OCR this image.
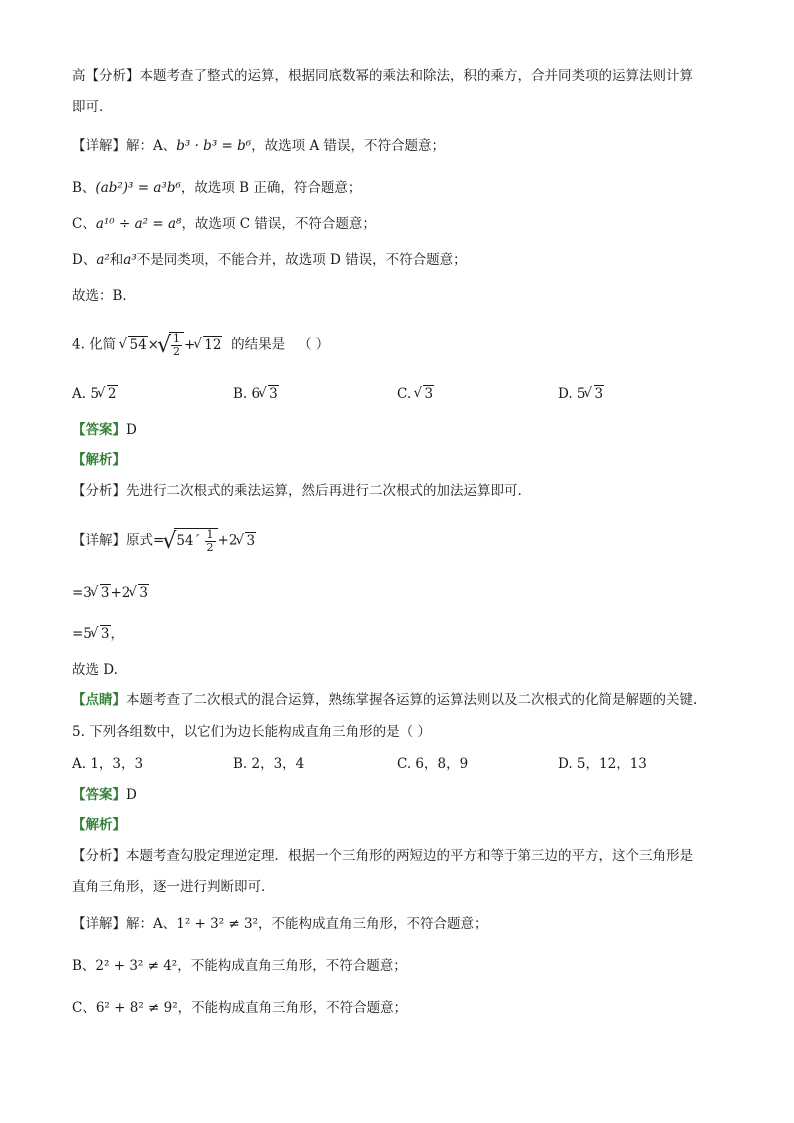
高【分析】本题考查了整式的运算，根据同底数幂的乘法和除法，积的乘方，合并同类项的运算法则计算
即可．
【详解】解：A、b³ · b³ = b⁶，故选项 A 错误，不符合题意；
B、(ab²)³ = a³b⁶，故选项 B 正确，符合题意；
C、a¹⁰ ÷ a² = a⁸，故选项 C 错误，不符合题意；
D、a²和a³不是同类项，不能合并，故选项 D 错误，不符合题意；
故选：B．
4. 化简 √ 54×
√ $\frac{1}{2}$ +√ 12 的结果是 （ ）
A. 5√ 2	B. 6√ 3	C. √ 3	D. 5√ 3
【答案】D
【解析】
【分析】先进行二次根式的乘法运算，然后再进行二次根式的加法运算即可.
【详解】原式=√ 54´ $\frac{1}{2} +2√$ 3
=3√ 3+2√ 3
=5√ 3，
故选 D.
【点睛】本题考查了二次根式的混合运算，熟练掌握各运算的运算法则以及二次根式的化简是解题的关键.
5. 下列各组数中，以它们为边长能构成直角三角形的是（ ）
A. 1，3，3	B. 2，3，4	C. 6，8，9	D. 5，12，13
【答案】D
【解析】
【分析】本题考查勾股定理逆定理．根据一个三角形的两短边的平方和等于第三边的平方，这个三角形是
直角三角形，逐一进行判断即可．
【详解】解：A、1² + 3² ≠ 3²，不能构成直角三角形，不符合题意；
B、2² + 3² ≠ 4²，不能构成直角三角形，不符合题意；
C、6² + 8² ≠ 9²，不能构成直角三角形，不符合题意；
